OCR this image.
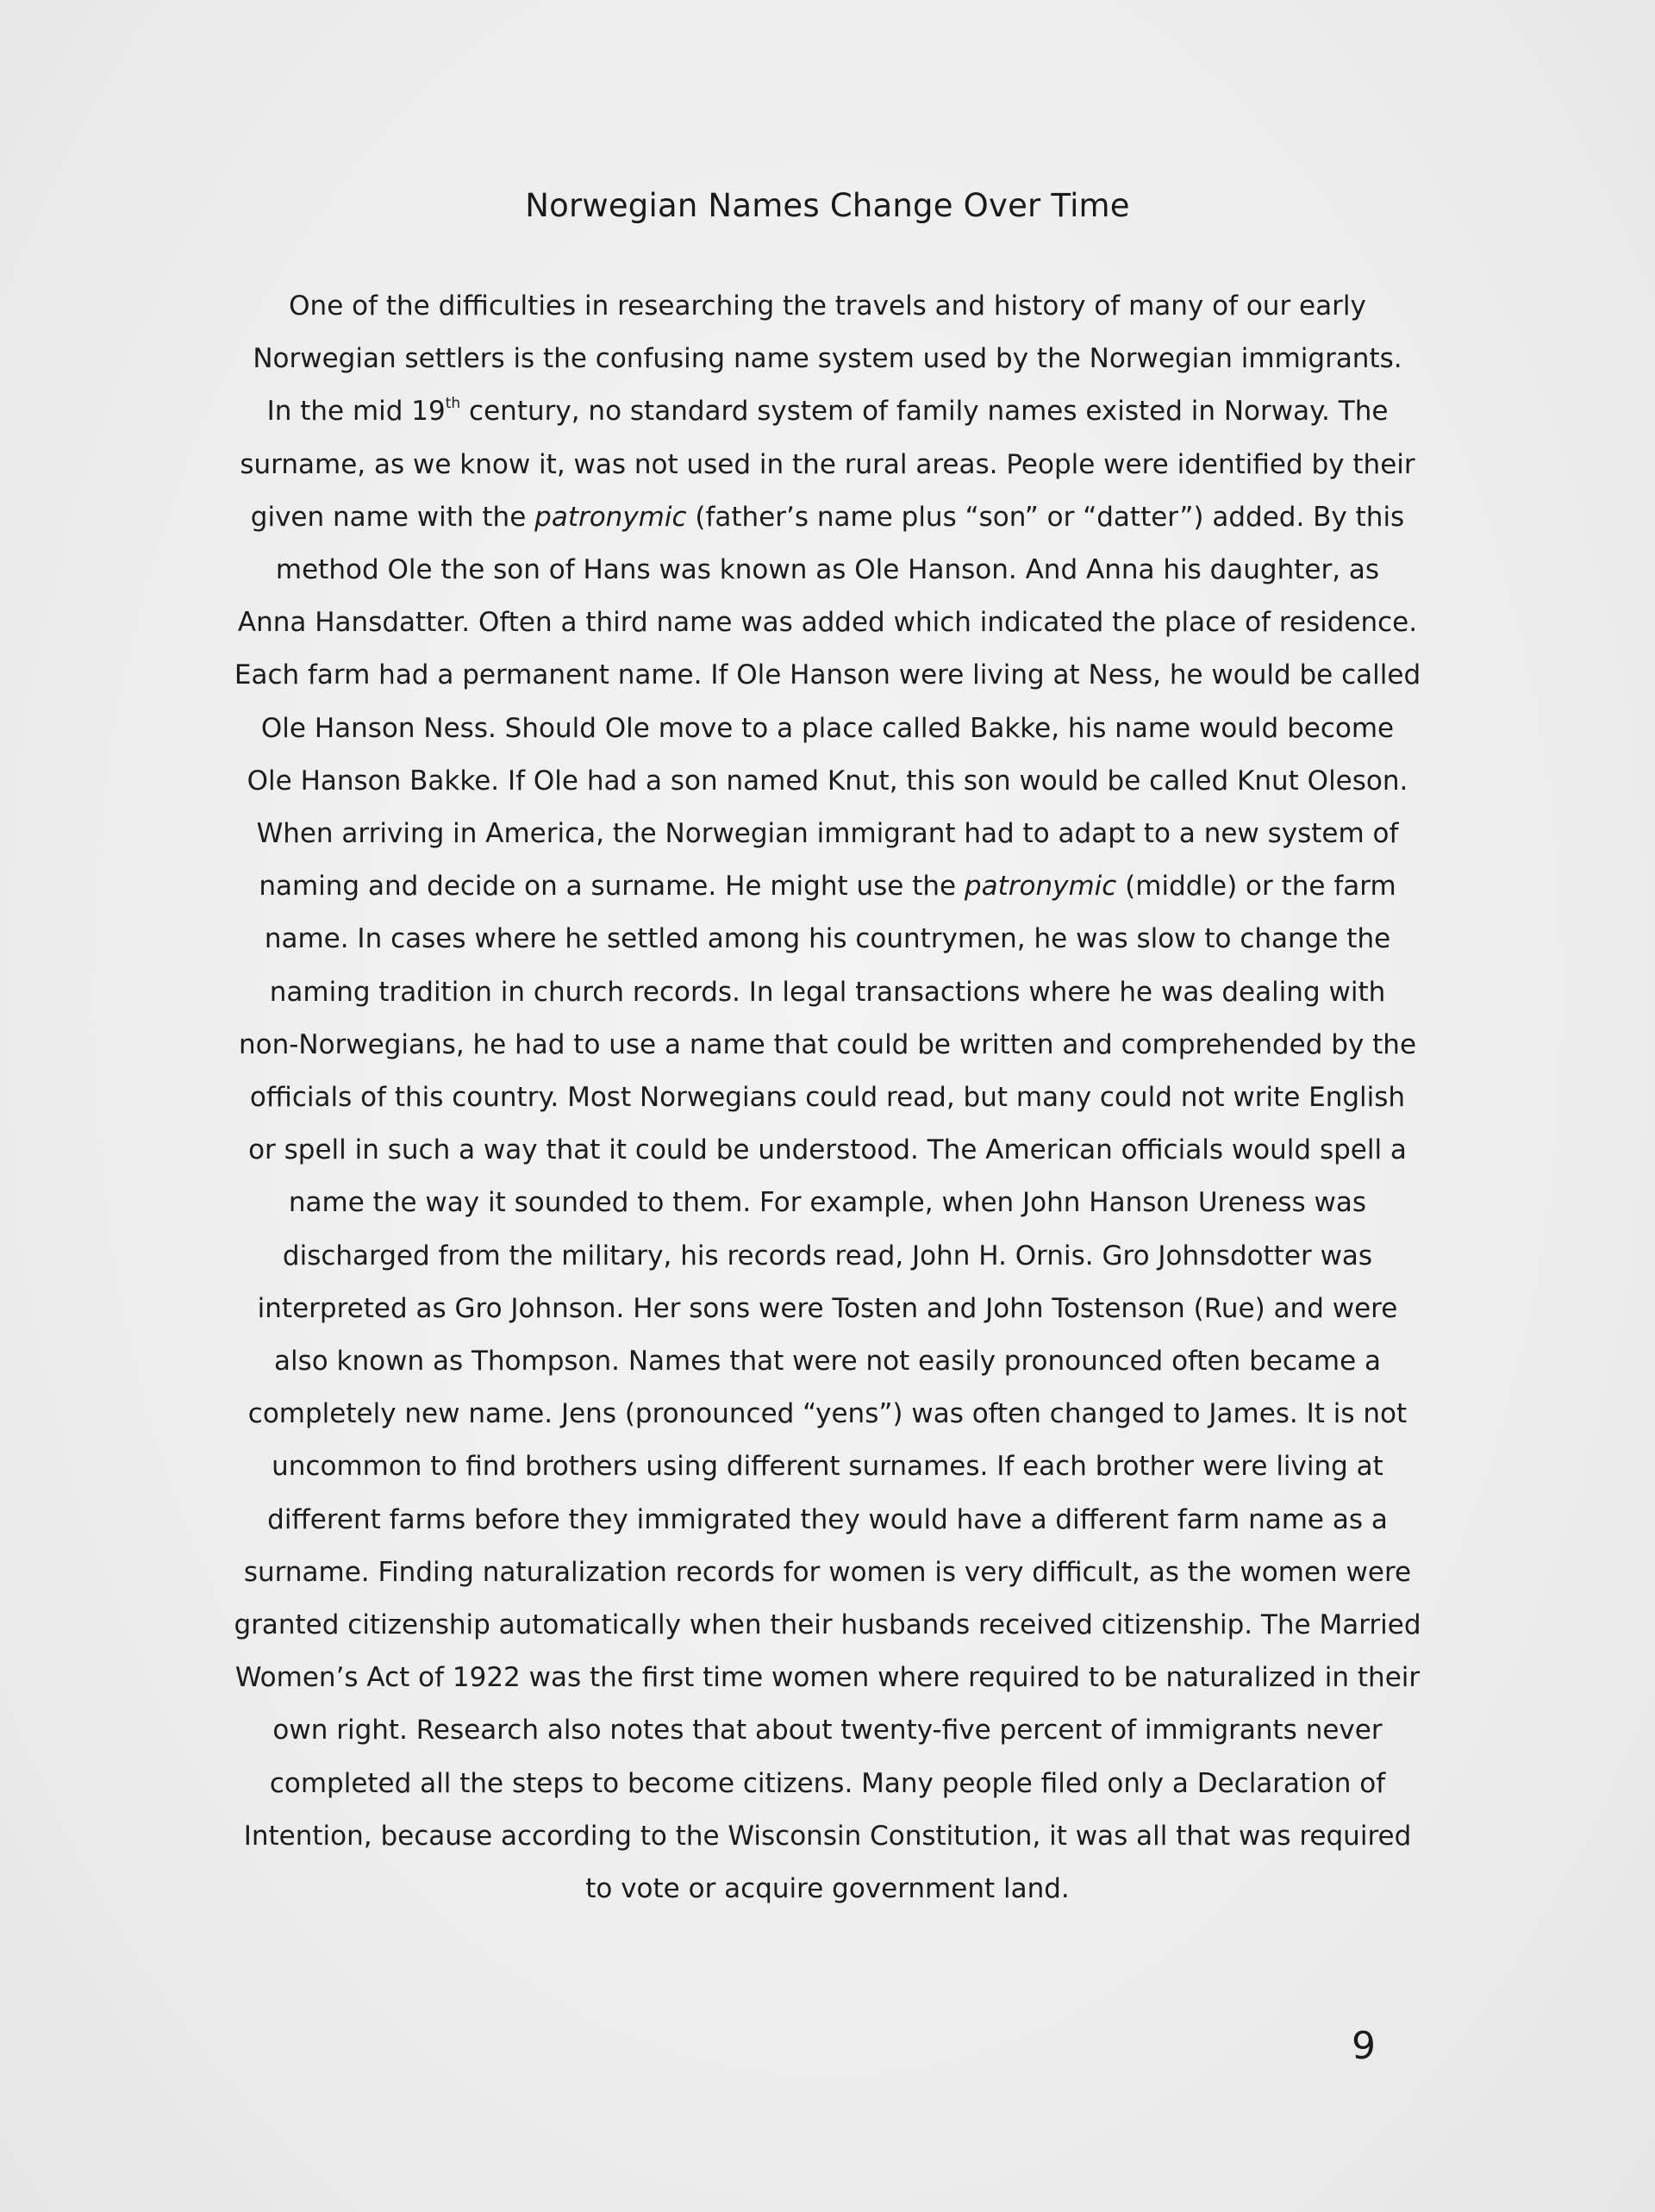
Norwegian Names Change Over Time
One of the difficulties in researching the travels and history of many of our early
Norwegian settlers is the confusing name system used by the Norwegian immigrants.
In the mid 19th century, no standard system of family names existed in Norway. The
surname, as we know it, was not used in the rural areas. People were identified by their
given name with the patronymic (father’s name plus “son” or “datter”) added. By this
method Ole the son of Hans was known as Ole Hanson. And Anna his daughter, as
Anna Hansdatter. Often a third name was added which indicated the place of residence.
Each farm had a permanent name. If Ole Hanson were living at Ness, he would be called
Ole Hanson Ness. Should Ole move to a place called Bakke, his name would become
Ole Hanson Bakke. If Ole had a son named Knut, this son would be called Knut Oleson.
When arriving in America, the Norwegian immigrant had to adapt to a new system of
naming and decide on a surname. He might use the patronymic (middle) or the farm
name. In cases where he settled among his countrymen, he was slow to change the
naming tradition in church records. In legal transactions where he was dealing with
non-Norwegians, he had to use a name that could be written and comprehended by the
officials of this country. Most Norwegians could read, but many could not write English
or spell in such a way that it could be understood. The American officials would spell a
name the way it sounded to them. For example, when John Hanson Ureness was
discharged from the military, his records read, John H. Ornis. Gro Johnsdotter was
interpreted as Gro Johnson. Her sons were Tosten and John Tostenson (Rue) and were
also known as Thompson. Names that were not easily pronounced often became a
completely new name. Jens (pronounced “yens”) was often changed to James. It is not
uncommon to find brothers using different surnames. If each brother were living at
different farms before they immigrated they would have a different farm name as a
surname. Finding naturalization records for women is very difficult, as the women were
granted citizenship automatically when their husbands received citizenship. The Married
Women’s Act of 1922 was the first time women where required to be naturalized in their
own right. Research also notes that about twenty-five percent of immigrants never
completed all the steps to become citizens. Many people filed only a Declaration of
Intention, because according to the Wisconsin Constitution, it was all that was required
to vote or acquire government land.
9
